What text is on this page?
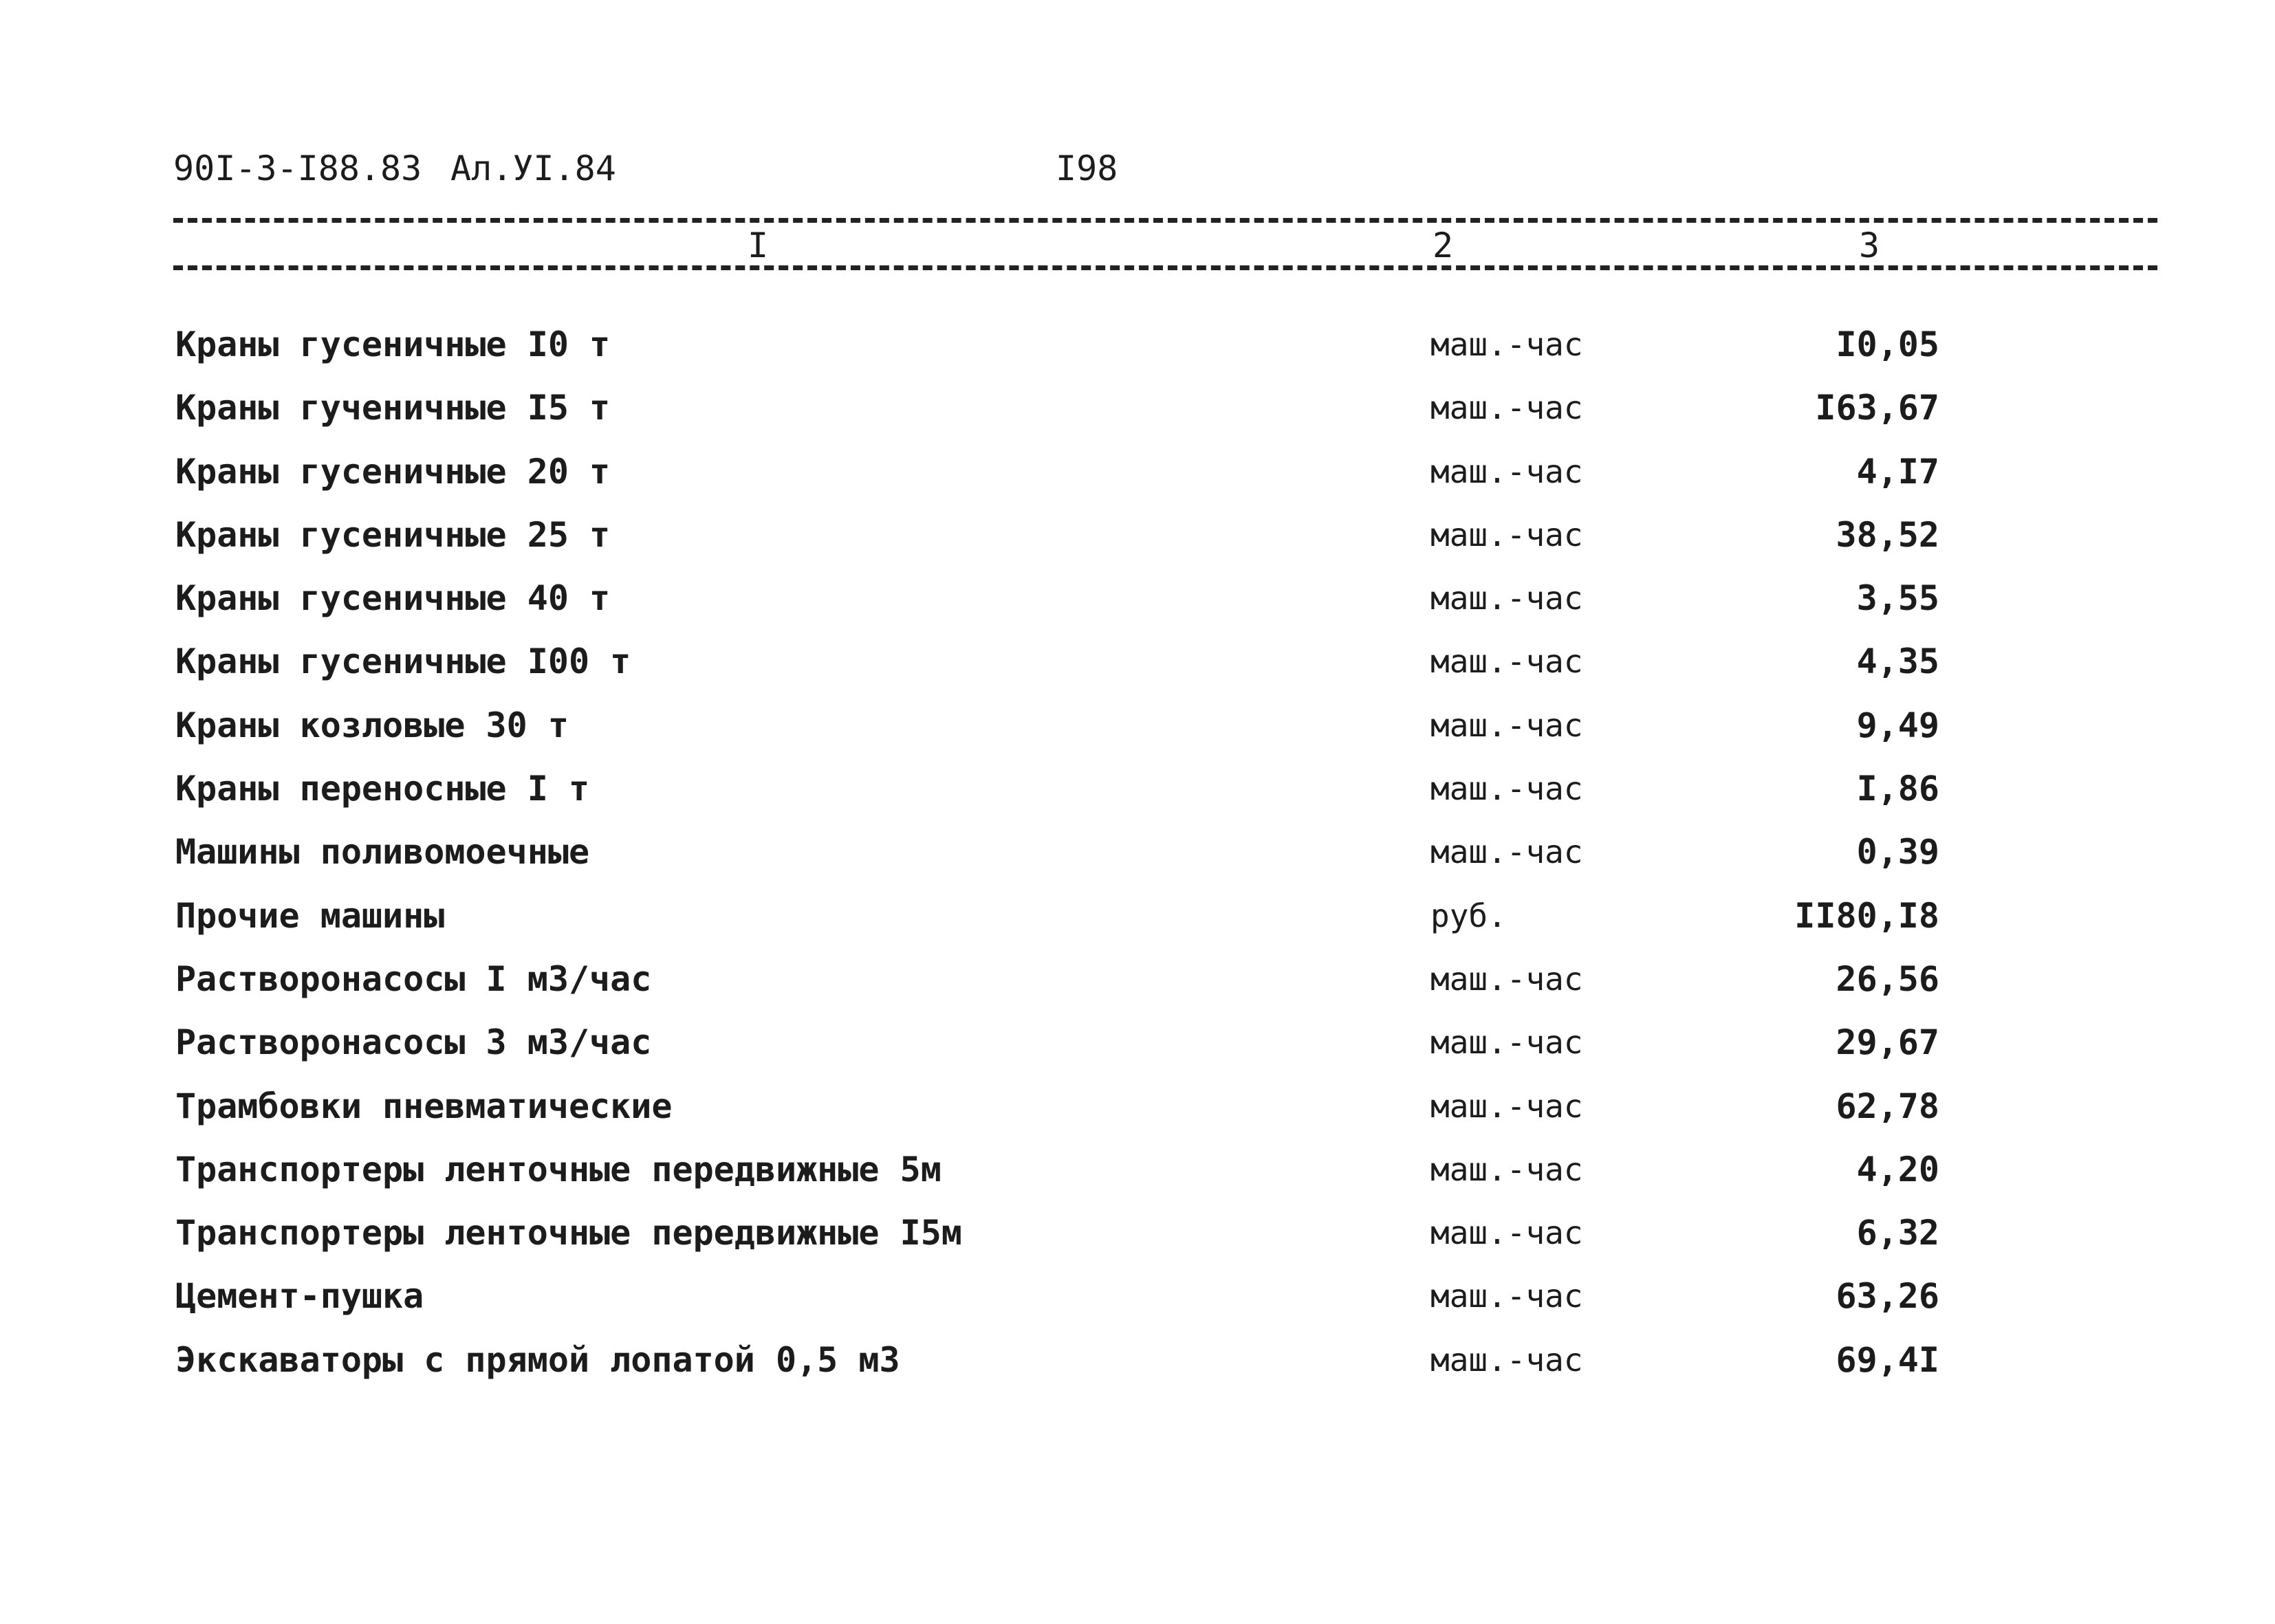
90I-3-I88.83 Ал.УI.84	I98
I	2	3
Краны гусеничные I0 т	маш.-час	I0,05
Краны гученичные I5 т	маш.-час	I63,67
Краны гусеничные 20 т	маш.-час	4,I7
Краны гусеничные 25 т	маш.-час	38,52
Краны гусеничные 40 т	маш.-час	3,55
Краны гусеничные I00 т	маш.-час	4,35
Краны козловые 30 т	маш.-час	9,49
Краны переносные I т	маш.-час	I,86
Машины поливомоечные	маш.-час	0,39
Прочие машины	руб.	II80,I8
Растворонасосы I м3/час	маш.-час	26,56
Растворонасосы 3 м3/час	маш.-час	29,67
Трамбовки пневматические	маш.-час	62,78
Транспортеры ленточные передвижные 5м	маш.-час	4,20
Транспортеры ленточные передвижные I5м	маш.-час	6,32
Цемент-пушка	маш.-час	63,26
Экскаваторы с прямой лопатой 0,5 м3	маш.-час	69,4I
